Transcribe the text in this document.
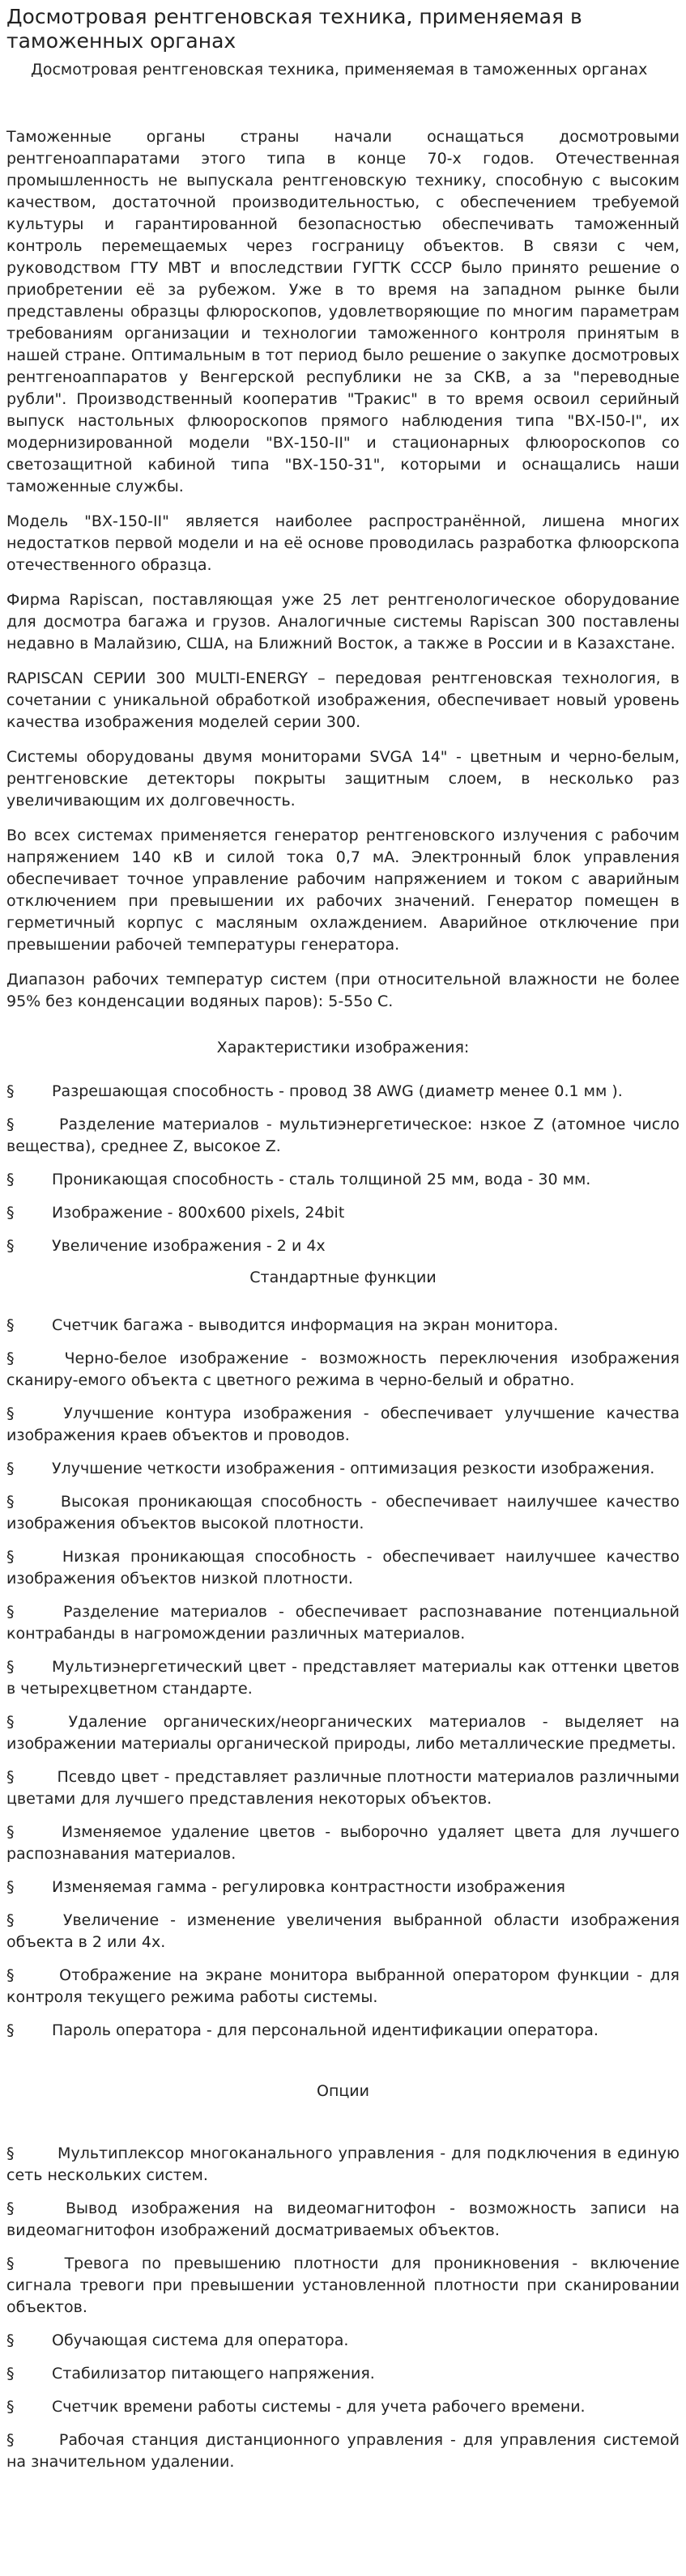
Досмотровая рентгеновская техника, применяемая в таможенных органах
Досмотровая рентгеновская техника, применяемая в таможенных органах

Таможенные органы страны начали оснащаться досмотровыми рентгеноаппаратами этого типа в конце 70-х годов. Отечественная промышленность не выпускала рентгеновскую технику, способную с высоким качеством, достаточной производительностью, с обеспечением требуемой культуры и гарантированной безопасностью обеспечивать таможенный контроль перемещаемых через госграницу объектов. В связи с чем, руководством ГТУ МВТ и впоследствии ГУГТК СССР было принято решение о приобретении её за рубежом. Уже в то время на западном рынке были представлены образцы флюроскопов, удовлетворяющие по многим параметрам требованиям организации и технологии таможенного контроля принятым в нашей стране. Оптимальным в тот период было решение о закупке досмотровых рентгеноаппаратов у Венгерской республики не за СКВ, а за "переводные рубли". Производственный кооператив "Тракис" в то время освоил серийный выпуск настольных флюороскопов прямого наблюдения типа "ВХ-I50-I", их модернизированной модели "ВХ-150-II" и стационарных флюороскопов со светозащитной кабиной типа "ВХ-150-31", которыми и оснащались наши таможенные службы.

Модель "ВХ-150-II" является наиболее распространённой, лишена многих недостатков первой модели и на её основе проводилась разработка флюорскопа отечественного образца.

Фирма Rapiscan, поставляющая уже 25 лет рентгенологическое оборудование для досмотра багажа и грузов. Аналогичные системы Rapiscan 300 поставлены недавно в Малайзию, США, на Ближний Восток, а также в России и в Казахстане.

RAPISCAN СЕРИИ 300 MULTI-ENERGY – передовая рентгеновская технология, в сочетании с уникальной обработкой изображения, обеспечивает новый уровень качества изображения моделей серии 300.

Системы оборудованы двумя мониторами SVGA 14" - цветным и черно-белым, рентгеновские детекторы покрыты защитным слоем, в несколько раз увеличивающим их долговечность.

Во всех системах применяется генератор рентгеновского излучения с рабочим напряжением 140 кВ и силой тока 0,7 мА. Электронный блок управления обеспечивает точное управление рабочим напряжением и током с аварийным отключением при превышении их рабочих значений. Генератор помещен в герметичный корпус с масляным охлаждением. Аварийное отключение при превышении рабочей температуры генератора.

Диапазон рабочих температур систем (при относительной влажности не более 95% без конденсации водяных паров): 5-55о С.

Характеристики изображения:

§ Разрешающая способность - провод 38 AWG (диаметр менее 0.1 мм ).

§ Разделение материалов - мультиэнергетическое: нзкое Z (атомное число вещества), среднее Z, высокое Z.

§ Проникающая способность - сталь толщиной 25 мм, вода - 30 мм.

§ Изображение - 800х600 pixels, 24bit

§ Увеличение изображения - 2 и 4х

Стандартные функции

§ Счетчик багажа - выводится информация на экран монитора.

§ Черно-белое изображение - возможность переключения изображения сканиру-емого объекта с цветного режима в черно-белый и обратно.

§ Улучшение контура изображения - обеспечивает улучшение качества изображения краев объектов и проводов.

§ Улучшение четкости изображения - оптимизация резкости изображения.

§ Высокая проникающая способность - обеспечивает наилучшее качество изображения объектов высокой плотности.

§ Низкая проникающая способность - обеспечивает наилучшее качество изображения объектов низкой плотности.

§ Разделение материалов - обеспечивает распознавание потенциальной контрабанды в нагромождении различных материалов.

§ Мультиэнергетический цвет - представляет материалы как оттенки цветов в четырехцветном стандарте.

§ Удаление органических/неорганических материалов - выделяет на изображении материалы органической природы, либо металлические предметы.

§ Псевдо цвет - представляет различные плотности материалов различными цветами для лучшего представления некоторых объектов.

§ Изменяемое удаление цветов - выборочно удаляет цвета для лучшего распознавания материалов.

§ Изменяемая гамма - регулировка контрастности изображения

§ Увеличение - изменение увеличения выбранной области изображения объекта в 2 или 4х.

§ Отображение на экране монитора выбранной оператором функции - для контроля текущего режима работы системы.

§ Пароль оператора - для персональной идентификации оператора.

Опции

§ Мультиплексор многоканального управления - для подключения в единую сеть нескольких систем.

§ Вывод изображения на видеомагнитофон - возможность записи на видеомагнитофон изображений досматриваемых объектов.

§ Тревога по превышению плотности для проникновения - включение сигнала тревоги при превышении установленной плотности при сканировании объектов.

§ Обучающая система для оператора.

§ Стабилизатор питающего напряжения.

§ Счетчик времени работы системы - для учета рабочего времени.

§ Рабочая станция дистанционного управления - для управления системой на значительном удалении.
